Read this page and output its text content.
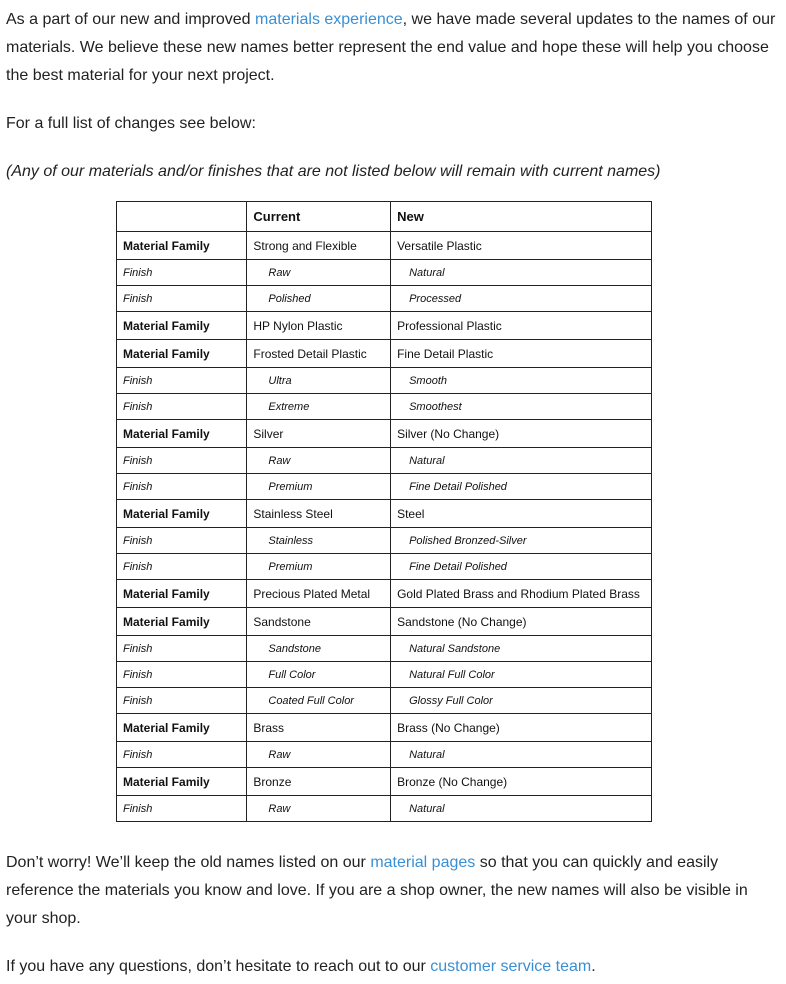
As a part of our new and improved materials experience, we have made several updates to the names of our materials. We believe these new names better represent the end value and hope these will help you choose the best material for your next project.

For a full list of changes see below:

(Any of our materials and/or finishes that are not listed below will remain with current names)

	Current	New
Material Family	Strong and Flexible	Versatile Plastic
Finish	Raw	Natural
Finish	Polished	Processed
Material Family	HP Nylon Plastic	Professional Plastic
Material Family	Frosted Detail Plastic	Fine Detail Plastic
Finish	Ultra	Smooth
Finish	Extreme	Smoothest
Material Family	Silver	Silver (No Change)
Finish	Raw	Natural
Finish	Premium	Fine Detail Polished
Material Family	Stainless Steel	Steel
Finish	Stainless	Polished Bronzed-Silver
Finish	Premium	Fine Detail Polished
Material Family	Precious Plated Metal	Gold Plated Brass and Rhodium Plated Brass
Material Family	Sandstone	Sandstone (No Change)
Finish	Sandstone	Natural Sandstone
Finish	Full Color	Natural Full Color
Finish	Coated Full Color	Glossy Full Color
Material Family	Brass	Brass (No Change)
Finish	Raw	Natural
Material Family	Bronze	Bronze (No Change)
Finish	Raw	Natural

Don’t worry! We’ll keep the old names listed on our material pages so that you can quickly and easily reference the materials you know and love. If you are a shop owner, the new names will also be visible in your shop.

If you have any questions, don’t hesitate to reach out to our customer service team.
